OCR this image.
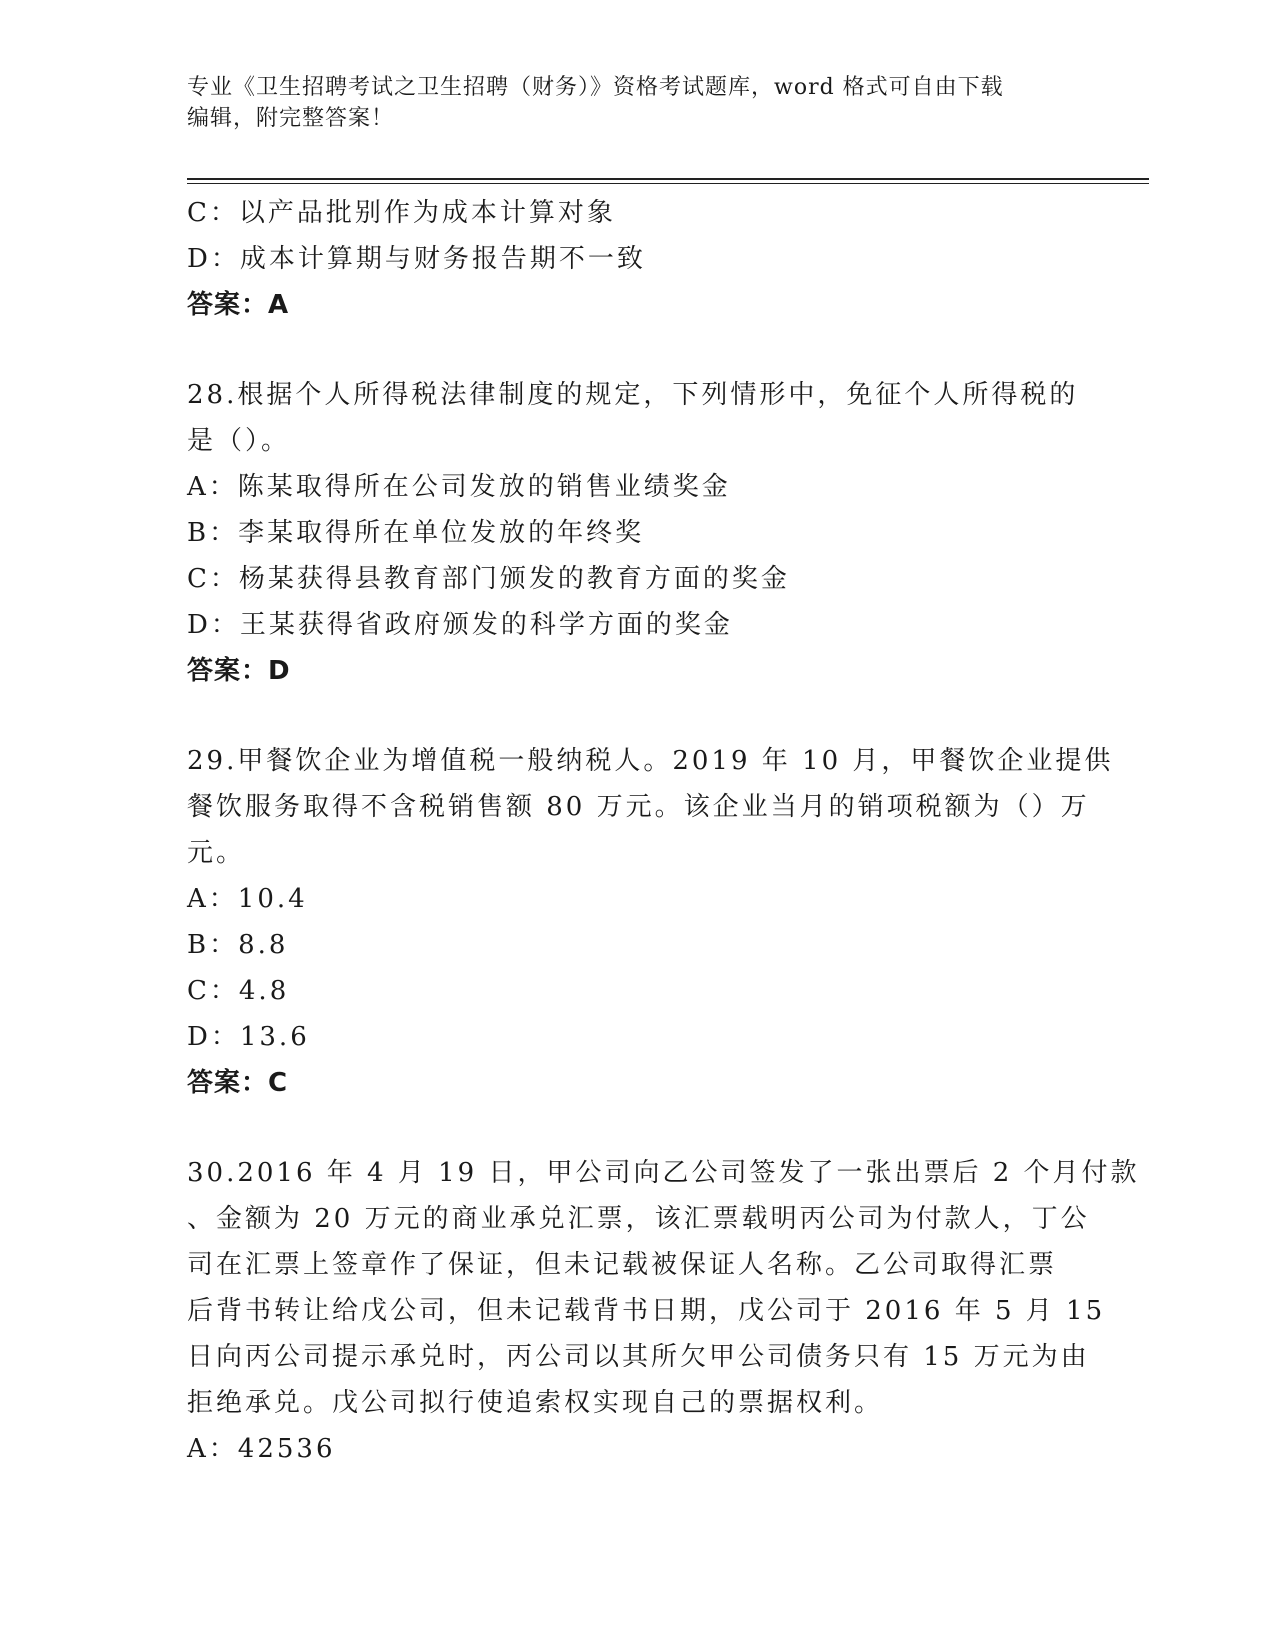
专业《卫生招聘考试之卫生招聘（财务）》资格考试题库，word 格式可自由下载
编辑，附完整答案！
C：以产品批别作为成本计算对象
D：成本计算期与财务报告期不一致
答案：A
28.根据个人所得税法律制度的规定，下列情形中，免征个人所得税的
是（）。
A：陈某取得所在公司发放的销售业绩奖金
B：李某取得所在单位发放的年终奖
C：杨某获得县教育部门颁发的教育方面的奖金
D：王某获得省政府颁发的科学方面的奖金
答案：D
29.甲餐饮企业为增值税一般纳税人。2019 年 10 月，甲餐饮企业提供
餐饮服务取得不含税销售额 80 万元。该企业当月的销项税额为（）万
元。
A：10.4
B：8.8
C：4.8
D：13.6
答案：C
30.2016 年 4 月 19 日，甲公司向乙公司签发了一张出票后 2 个月付款
、金额为 20 万元的商业承兑汇票，该汇票载明丙公司为付款人，丁公
司在汇票上签章作了保证，但未记载被保证人名称。乙公司取得汇票
后背书转让给戊公司，但未记载背书日期，戊公司于 2016 年 5 月 15
日向丙公司提示承兑时，丙公司以其所欠甲公司债务只有 15 万元为由
拒绝承兑。戊公司拟行使追索权实现自己的票据权利。
A：42536
